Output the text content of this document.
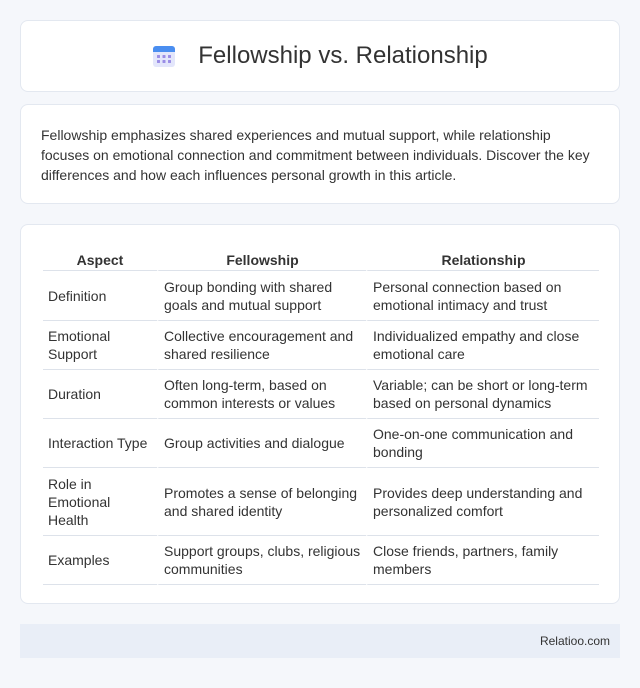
Fellowship vs. Relationship

Fellowship emphasizes shared experiences and mutual support, while relationship focuses on emotional connection and commitment between individuals. Discover the key differences and how each influences personal growth in this article.

Aspect	Fellowship	Relationship
Definition	Group bonding with shared goals and mutual support	Personal connection based on emotional intimacy and trust
Emotional Support	Collective encouragement and shared resilience	Individualized empathy and close emotional care
Duration	Often long-term, based on common interests or values	Variable; can be short or long-term based on personal dynamics
Interaction Type	Group activities and dialogue	One-on-one communication and bonding
Role in Emotional Health	Promotes a sense of belonging and shared identity	Provides deep understanding and personalized comfort
Examples	Support groups, clubs, religious communities	Close friends, partners, family members
Relatioo.com
